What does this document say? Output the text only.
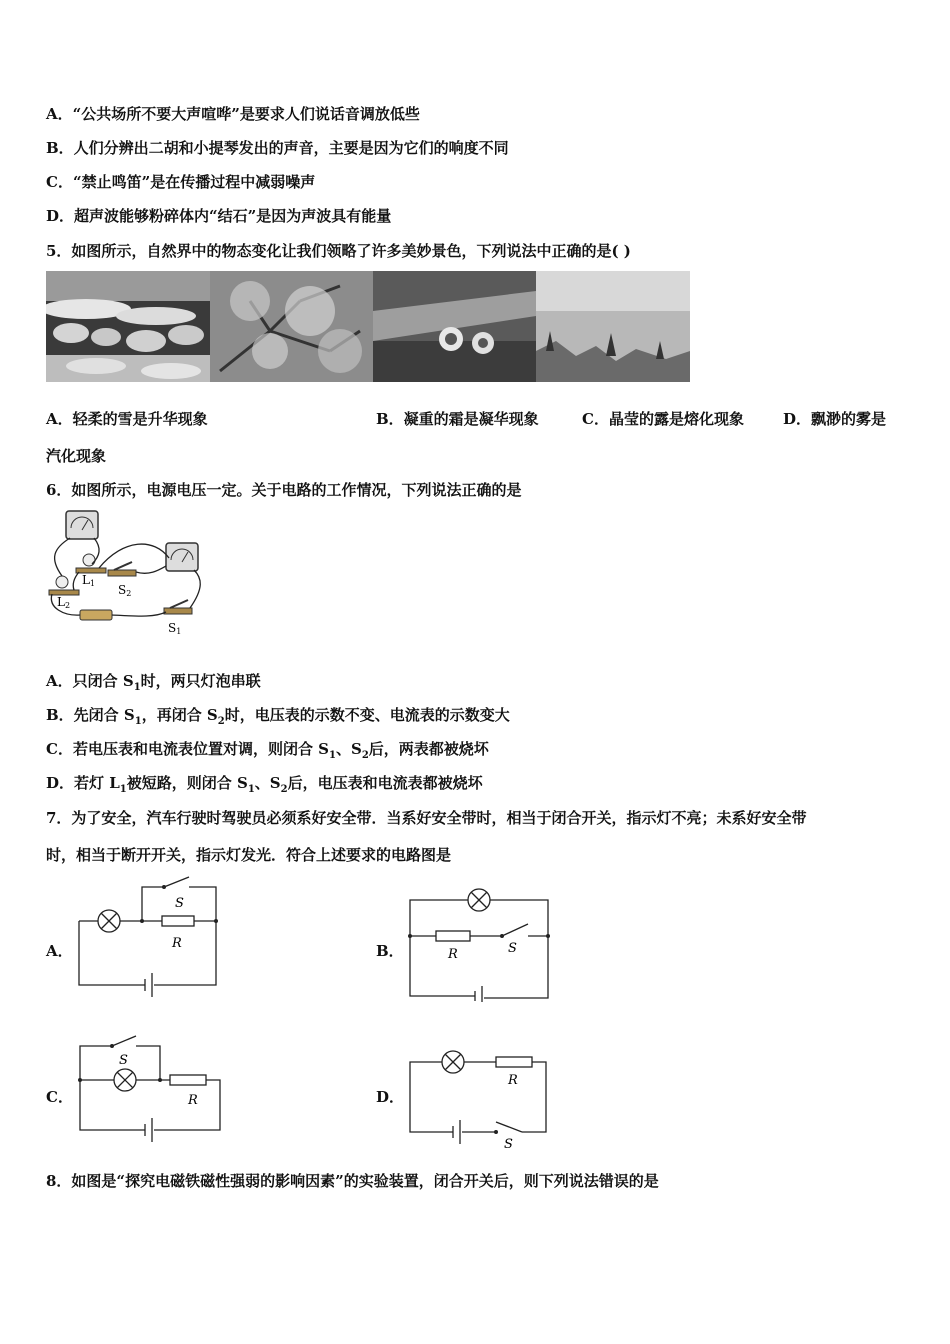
A．“公共场所不要大声喧哗”是要求人们说话音调放低些
B．人们分辨出二胡和小提琴发出的声音，主要是因为它们的响度不同
C．“禁止鸣笛”是在传播过程中减弱噪声
D．超声波能够粉碎体内“结石”是因为声波具有能量
5．如图所示，自然界中的物态变化让我们领略了许多美妙景色，下列说法中正确的是( )
A．轻柔的雪是升华现象	B．凝重的霜是凝华现象	C．晶莹的露是熔化现象	D．飘渺的雾是
汽化现象
6．如图所示，电源电压一定。关于电路的工作情况，下列说法正确的是
L1
L2
S2
S1
A．只闭合 $S_1$时，两只灯泡串联
B．先闭合 $S_1$，再闭合 $S_2$时，电压表的示数不变、电流表的示数变大
C．若电压表和电流表位置对调，则闭合 $S_1$、$S_2$后，两表都被烧坏
D．若灯 $L_1$被短路，则闭合 $S_1$、$S_2$后，电压表和电流表都被烧坏
7．为了安全，汽车行驶时驾驶员必须系好安全带．当系好安全带时，相当于闭合开关，指示灯不亮；未系好安全带
时，相当于断开开关，指示灯发光．符合上述要求的电路图是
A．
S
R	B．	R	S
C．
S
R	D．
R
S
8．如图是“探究电磁铁磁性强弱的影响因素”的实验装置，闭合开关后，则下列说法错误的是
